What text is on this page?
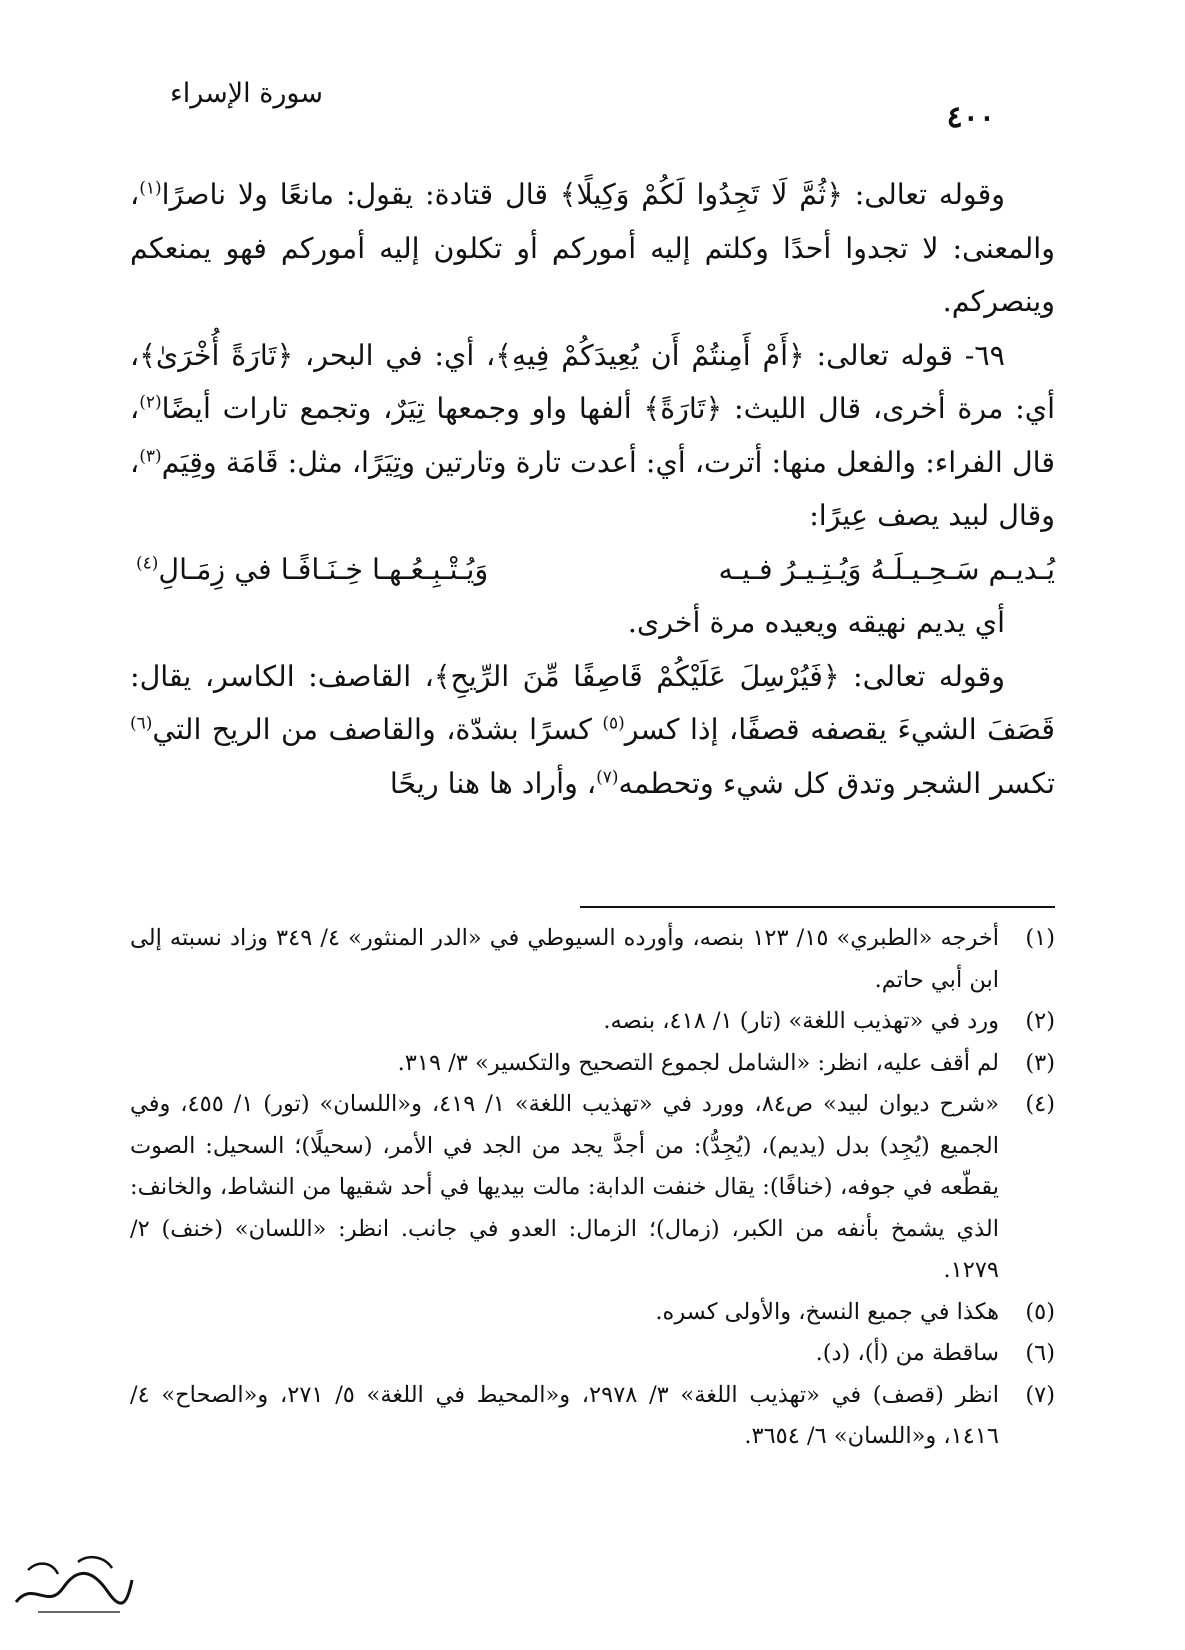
٤٠٠
سورة الإسراء

وقوله تعالى: ﴿ثُمَّ لَا تَجِدُوا لَكُمْ وَكِيلًا﴾ قال قتادة: يقول: مانعًا ولا ناصرًا$^{(١)}$، والمعنى: لا تجدوا أحدًا وكلتم إليه أموركم أو تكلون إليه أموركم فهو يمنعكم وينصركم.

٦٩- قوله تعالى: ﴿أَمْ أَمِنتُمْ أَن يُعِيدَكُمْ فِيهِ﴾، أي: في البحر، ﴿تَارَةً أُخْرَىٰ﴾، أي: مرة أخرى، قال الليث: ﴿تَارَةً﴾ ألفها واو وجمعها تِيَرٌ، وتجمع تارات أيضًا$^{(٢)}$، قال الفراء: والفعل منها: أترت، أي: أعدت تارة وتارتين وتِيَرًا، مثل: قَامَة وقِيَم$^{(٣)}$، وقال لبيد يصف عِيرًا:

يُـديـم سَـحِـيـلَـهُ وَيُـتِـيـرُ فـيـه
وَيُـتْـبِـعُـهـا خِـنَـافًـا في زِمَـالِ$^{(٤)}$

أي يديم نهيقه ويعيده مرة أخرى.

وقوله تعالى: ﴿فَيُرْسِلَ عَلَيْكُمْ قَاصِفًا مِّنَ الرِّيحِ﴾، القاصف: الكاسر، يقال: قَصَفَ الشيءَ يقصفه قصفًا، إذا كسر$^{(٥)}$ كسرًا بشدّة، والقاصف من الريح التي$^{(٦)}$ تكسر الشجر وتدق كل شيء وتحطمه$^{(٧)}$، وأراد ها هنا ريحًا

(١)
أخرجه «الطبري» ١٥/ ١٢٣ بنصه، وأورده السيوطي في «الدر المنثور» ٤/ ٣٤٩ وزاد نسبته إلى ابن أبي حاتم.
(٢)
ورد في «تهذيب اللغة» (تار) ١/ ٤١٨، بنصه.
(٣)
لم أقف عليه، انظر: «الشامل لجموع التصحيح والتكسير» ٣/ ٣١٩.
(٤)
«شرح ديوان لبيد» ص٨٤، وورد في «تهذيب اللغة» ١/ ٤١٩، و«اللسان» (تور) ١/ ٤٥٥، وفي الجميع (يُجِد) بدل (يديم)، (يُجِدُّ): من أجدَّ يجد من الجد في الأمر، (سحيلًا)؛ السحيل: الصوت يقطّعه في جوفه، (خنافًا): يقال خنفت الدابة: مالت بيديها في أحد شقيها من النشاط، والخانف: الذي يشمخ بأنفه من الكبر، (زمال)؛ الزمال: العدو في جانب. انظر: «اللسان» (خنف) ٢/ ١٢٧٩.
(٥)
هكذا في جميع النسخ، والأولى كسره.
(٦)
ساقطة من (أ)، (د).
(٧)
انظر (قصف) في «تهذيب اللغة» ٣/ ٢٩٧٨، و«المحيط في اللغة» ٥/ ٢٧١، و«الصحاح» ٤/ ١٤١٦، و«اللسان» ٦/ ٣٦٥٤.
